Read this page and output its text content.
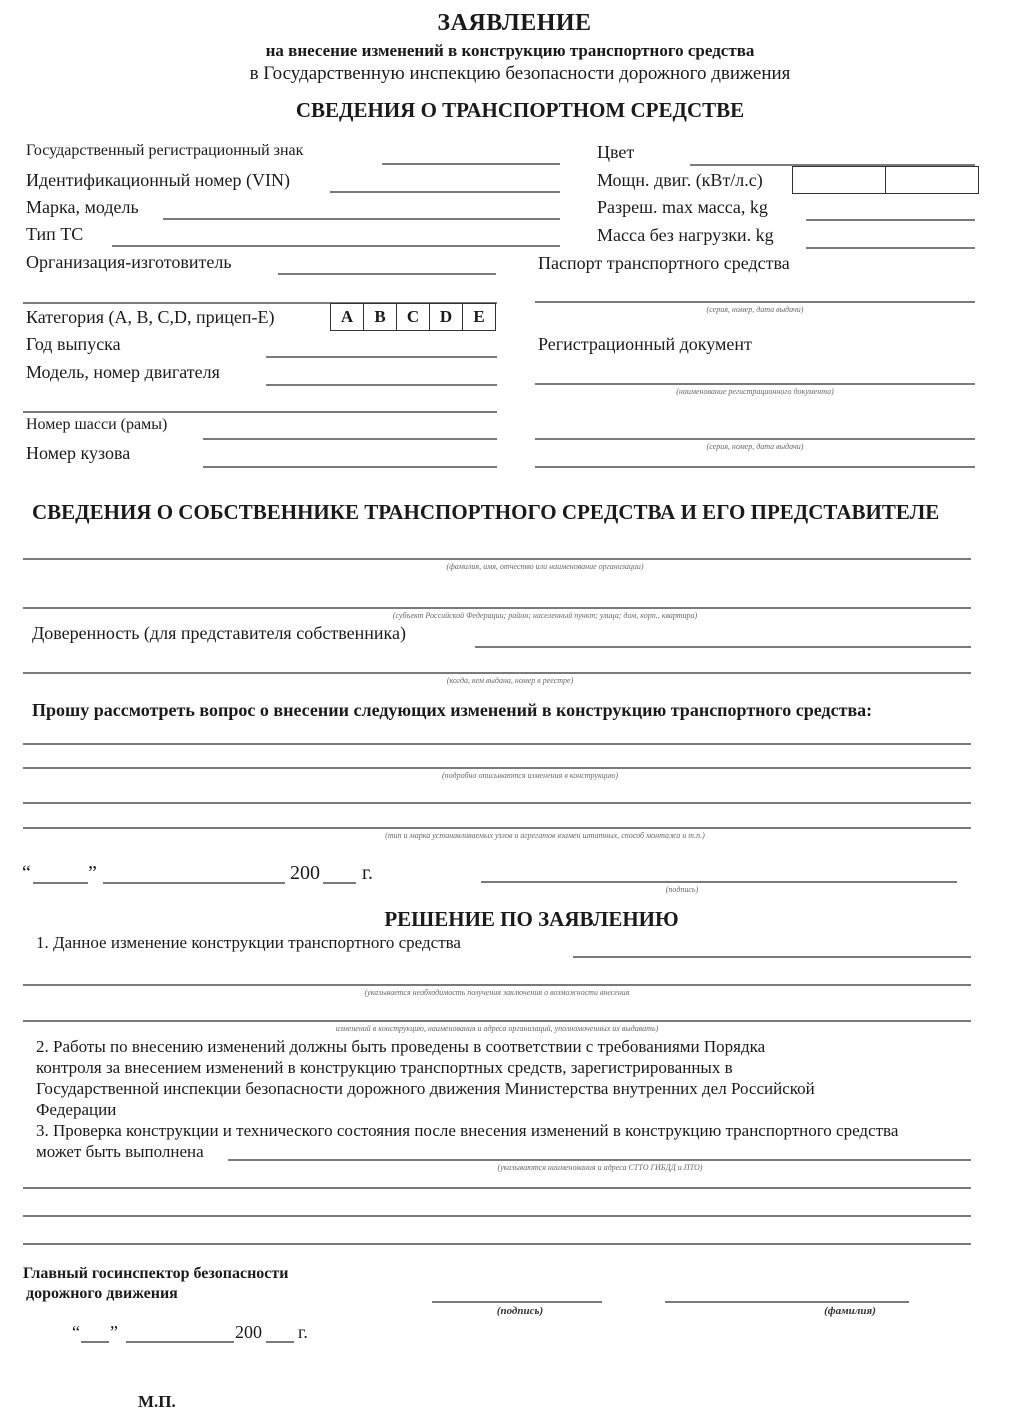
ЗАЯВЛЕНИЕ
на внесение изменений в конструкцию транспортного средства
в Государственную инспекцию безопасности дорожного движения
СВЕДЕНИЯ О ТРАНСПОРТНОМ СРЕДСТВЕ
Государственный регистрационный знак
Идентификационный номер (VIN)
Марка, модель
Тип ТС
Организация-изготовитель
Категория (A, B, C,D, прицеп-E)	A	B	C	D	E
Год выпуска
Модель, номер двигателя
Номер шасси (рамы)
Номер кузова
Цвет
Мощн. двиг. (кВт/л.с)
Разреш. max масса, kg
Масса без нагрузки. kg
Паспорт транспортного средства
(серия, номер, дата выдачи)
Регистрационный документ
(наименование регистрационного документа)
(серия, номер, дата выдачи)
СВЕДЕНИЯ О СОБСТВЕННИКЕ ТРАНСПОРТНОГО СРЕДСТВА И ЕГО ПРЕДСТАВИТЕЛЕ
(фамилия, имя, отчество или наименование организации)
(субъект Российской Федерации; район; населенный пункт; улица; дом, корп., квартира)
Доверенность (для представителя собственника)
(когда, кем выдана, номер в реестре)
Прошу рассмотреть вопрос о внесении следующих изменений в конструкцию транспортного средства:
(подробно описываются изменения в конструкцию)
(тип и марка устанавливаемых узлов и агрегатов взамен штатных, способ монтажа и т.п.)
“	”	200 г.
(подпись)
РЕШЕНИЕ ПО ЗАЯВЛЕНИЮ
1. Данное изменение конструкции транспортного средства
(указывается необходимость получения заключения о возможности внесения
изменений в конструкцию, наименования и адреса организаций, уполномоченных их выдавать)
2. Работы по внесению изменений должны быть проведены в соответствии с требованиями Порядка
контроля за внесением изменений в конструкцию транспортных средств, зарегистрированных в
Государственной инспекции безопасности дорожного движения Министерства внутренних дел Российской
Федерации
3. Проверка конструкции и технического состояния после внесения изменений в конструкцию транспортного средства
может быть выполнена
(указываются наименования и адреса СТТО ГИБДД и ПТО)
Главный госинспектор безопасности
дорожного движения
(подпись)	(фамилия)
“ ”	200 г.
М.П.
